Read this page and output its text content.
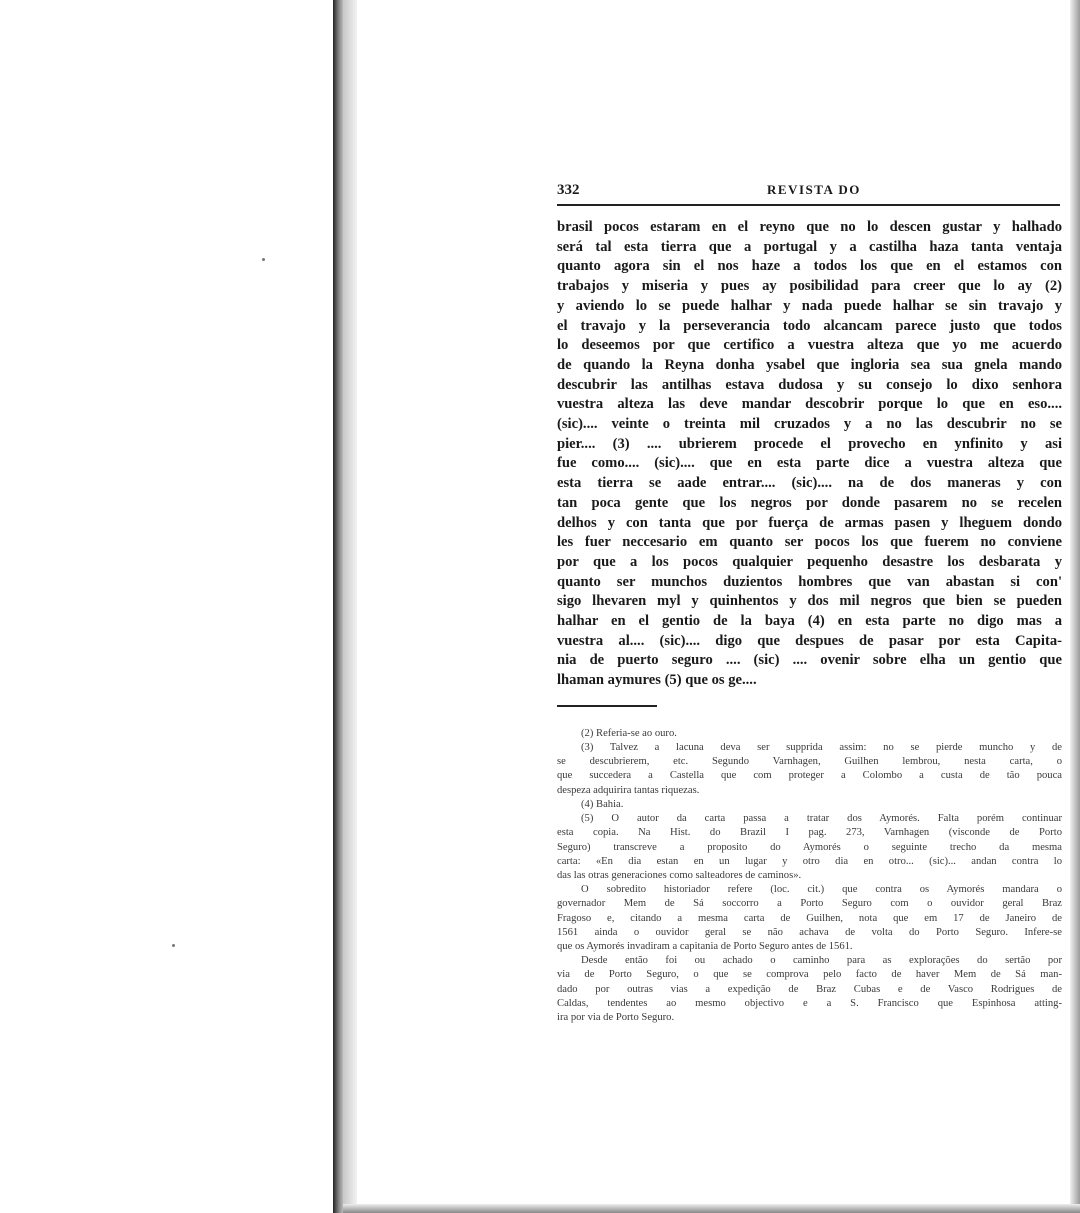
332	REVISTA DO
brasil pocos estaram en el reyno que no lo descen gustar y halhado
será tal esta tierra que a portugal y a castilha haza tanta ventaja
quanto agora sin el nos haze a todos los que en el estamos con
trabajos y miseria y pues ay posibilidad para creer que lo ay (2)
y aviendo lo se puede halhar y nada puede halhar se sin travajo y
el travajo y la perseverancia todo alcancam parece justo que todos
lo deseemos por que certifico a vuestra alteza que yo me acuerdo
de quando la Reyna donha ysabel que ingloria sea sua gnela mando
descubrir las antilhas estava dudosa y su consejo lo dixo senhora
vuestra alteza las deve mandar descobrir porque lo que en eso....
(sic).... veinte o treinta mil cruzados y a no las descubrir no se
pier.... (3) .... ubrierem procede el provecho en ynfinito y asi
fue como.... (sic).... que en esta parte dice a vuestra alteza que
esta tierra se aade entrar.... (sic).... na de dos maneras y con
tan poca gente que los negros por donde pasarem no se recelen
delhos y con tanta que por fuerça de armas pasen y lheguem dondo
les fuer neccesario em quanto ser pocos los que fuerem no conviene
por que a los pocos qualquier pequenho desastre los desbarata y
quanto ser munchos duzientos hombres que van abastan si con'
sigo lhevaren myl y quinhentos y dos mil negros que bien se pueden
halhar en el gentio de la baya (4) en esta parte no digo mas a
vuestra al.... (sic).... digo que despues de pasar por esta Capita-
nia de puerto seguro .... (sic) .... ovenir sobre elha un gentio que
lhaman aymures (5) que os ge....
(2) Referia-se ao ouro.
(3) Talvez a lacuna deva ser supprida assim: no se pierde muncho y de
se descubrierem, etc. Segundo Varnhagen, Guilhen lembrou, nesta carta, o
que succedera a Castella que com proteger a Colombo a custa de tão pouca
despeza adquirira tantas riquezas.
(4) Bahia.
(5) O autor da carta passa a tratar dos Aymorés. Falta porém continuar
esta copia. Na Hist. do Brazil I pag. 273, Varnhagen (visconde de Porto
Seguro) transcreve a proposito do Aymorés o seguinte trecho da mesma
carta: «En dia estan en un lugar y otro dia en otro... (sic)... andan contra lo
das las otras generaciones como salteadores de caminos».
O sobredito historiador refere (loc. cit.) que contra os Aymorés mandara o
governador Mem de Sá soccorro a Porto Seguro com o ouvidor geral Braz
Fragoso e, citando a mesma carta de Guilhen, nota que em 17 de Janeiro de
1561 ainda o ouvidor geral se não achava de volta do Porto Seguro. Infere-se
que os Aymorés invadiram a capitania de Porto Seguro antes de 1561.
Desde então foi ou achado o caminho para as explorações do sertão por
via de Porto Seguro, o que se comprova pelo facto de haver Mem de Sá man-
dado por outras vias a expedição de Braz Cubas e de Vasco Rodrigues de
Caldas, tendentes ao mesmo objectivo e a S. Francisco que Espinhosa atting-
ira por via de Porto Seguro.
